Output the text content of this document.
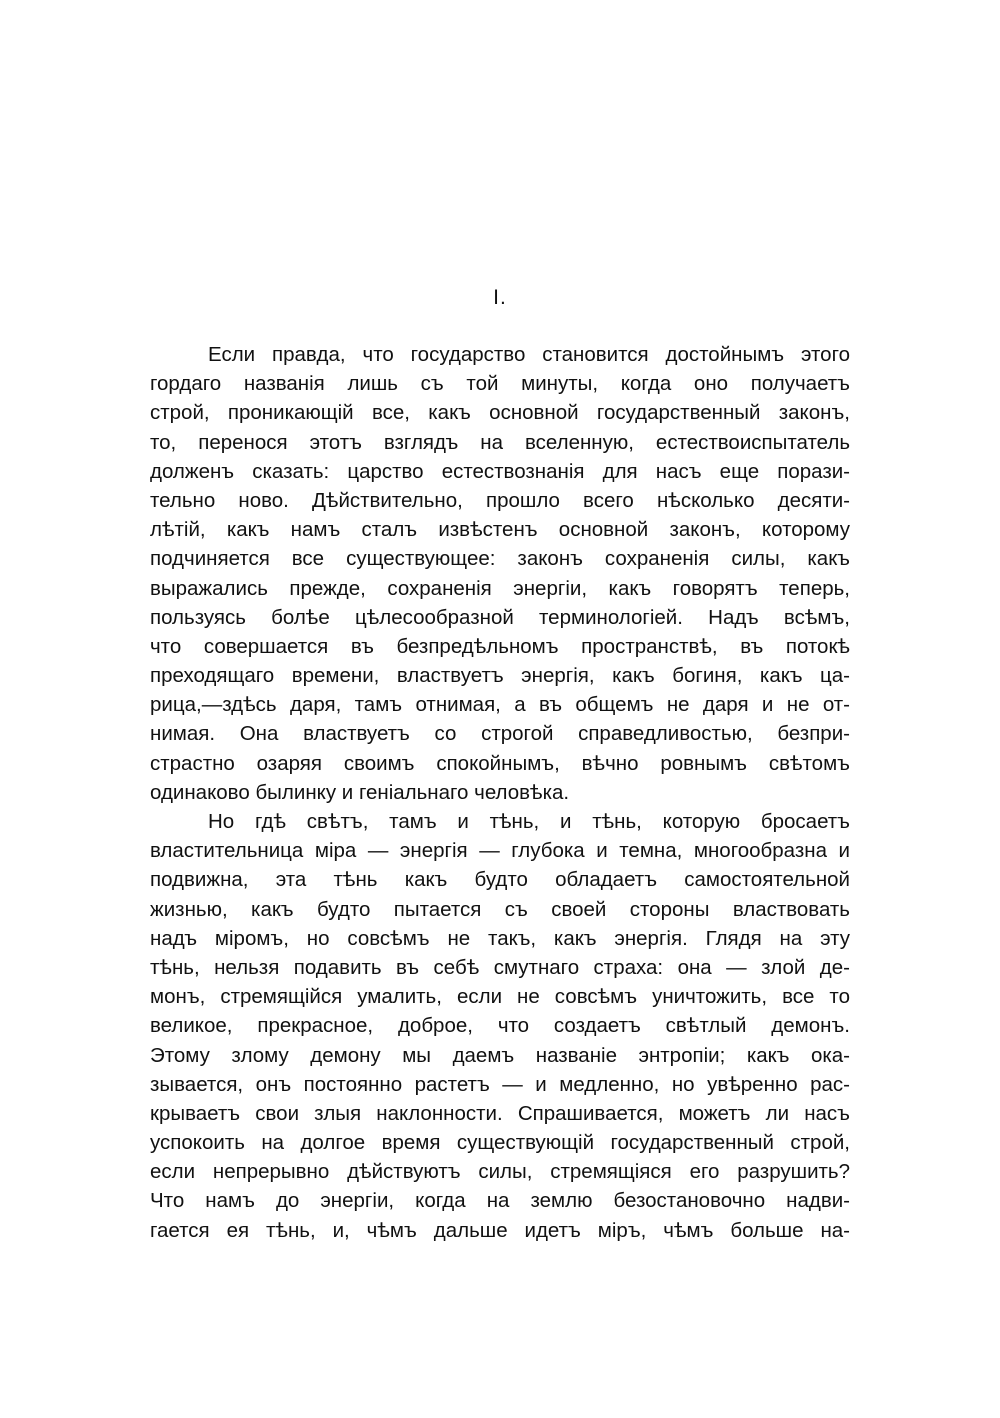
I.
Если правда, что государство становится достойнымъ этого
гордаго названія лишь съ той минуты, когда оно получаетъ
строй, проникающій все, какъ основной государственный законъ,
то, перенося этотъ взглядъ на вселенную, естествоиспытатель
долженъ сказать: царство естествознанія для насъ еще порази-
тельно ново. Дѣйствительно, прошло всего нѣсколько десяти-
лѣтій, какъ намъ сталъ извѣстенъ основной законъ, которому
подчиняется все существующее: законъ сохраненія силы, какъ
выражались прежде, сохраненія энергіи, какъ говорятъ теперь,
пользуясь болѣе цѣлесообразной терминологіей. Надъ всѣмъ,
что совершается въ безпредѣльномъ пространствѣ, въ потокѣ
преходящаго времени, властвуетъ энергія, какъ богиня, какъ ца-
рица,—здѣсь даря, тамъ отнимая, а въ общемъ не даря и не от-
нимая. Она властвуетъ со строгой справедливостью, безпри-
страстно озаряя своимъ спокойнымъ, вѣчно ровнымъ свѣтомъ
одинаково былинку и геніальнаго человѣка.
Но гдѣ свѣтъ, тамъ и тѣнь, и тѣнь, которую бросаетъ
властительница міра — энергія — глубока и темна, многообразна и
подвижна, эта тѣнь какъ будто обладаетъ самостоятельной
жизнью, какъ будто пытается съ своей стороны властвовать
надъ міромъ, но совсѣмъ не такъ, какъ энергія. Глядя на эту
тѣнь, нельзя подавить въ себѣ смутнаго страха: она — злой де-
монъ, стремящійся умалить, если не совсѣмъ уничтожить, все то
великое, прекрасное, доброе, что создаетъ свѣтлый демонъ.
Этому злому демону мы даемъ названіе энтропіи; какъ ока-
зывается, онъ постоянно растетъ — и медленно, но увѣренно рас-
крываетъ свои злыя наклонности. Спрашивается, можетъ ли насъ
успокоить на долгое время существующій государственный строй,
если непрерывно дѣйствуютъ силы, стремящіяся его разрушить?
Что намъ до энергіи, когда на землю безостановочно надви-
гается ея тѣнь, и, чѣмъ дальше идетъ міръ, чѣмъ больше на-
